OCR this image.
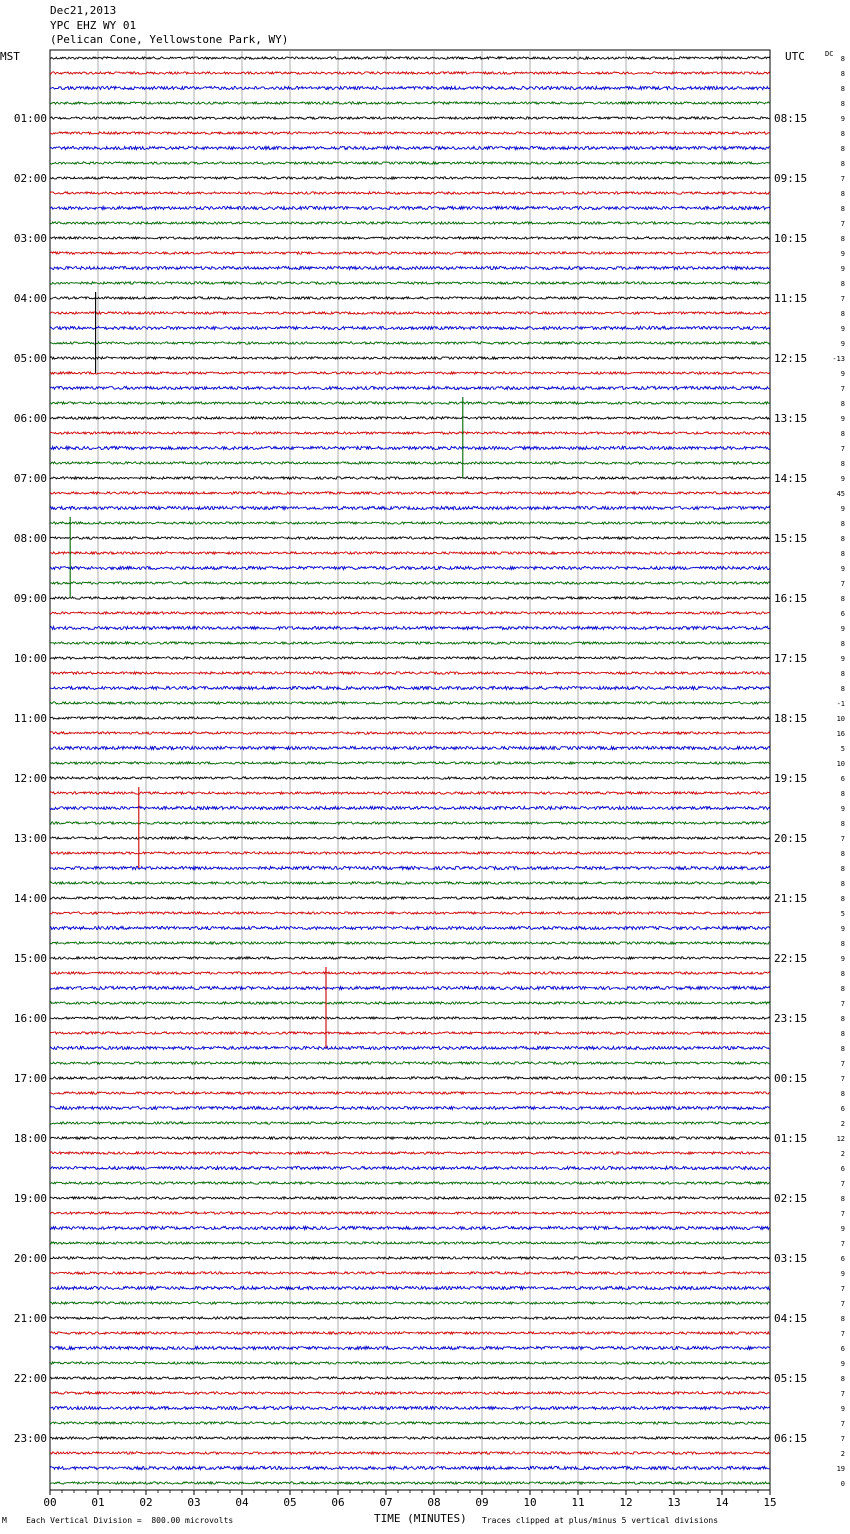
Dec21,2013
YPC EHZ WY 01
(Pelican Cone, Yellowstone Park, WY)
MST	UTC	DC
01:00
02:00
03:00
04:00
05:00
06:00
07:00
08:00
09:00
10:00
11:00
12:00
13:00
14:00
15:00
16:00
17:00
18:00
19:00
20:00
21:00
22:00
23:00
08:15
09:15
10:15
11:15
12:15
13:15
14:15
15:15
16:15
17:15
18:15
19:15
20:15
21:15
22:15
23:15
00:15
01:15
02:15
03:15
04:15
05:15
06:15
8
8
8
8
9
8
8
8
7
8
8
7
8
9
9
8
7
8
9
9
-13
9
7
8
9
8
7
8
9
45
9
8
8
8
9
7
8
6
9
8
9
8
8
-1
10
16
5
10
6
8
9
8
7
8
8
8
8
5
9
8
9
8
8
7
8
8
8
7
7
8
6
2
12
2
6
7
8
7
9
7
6
9
7
7
8
7
6
9
8
7
9
7
7
2
19
0
00	01	02	03	04	05	06	07	08	09	10	11	12	13	14	15
M Each Vertical Division =  800.00 microvolts	TIME (MINUTES) Traces clipped at plus/minus 5 vertical divisions
